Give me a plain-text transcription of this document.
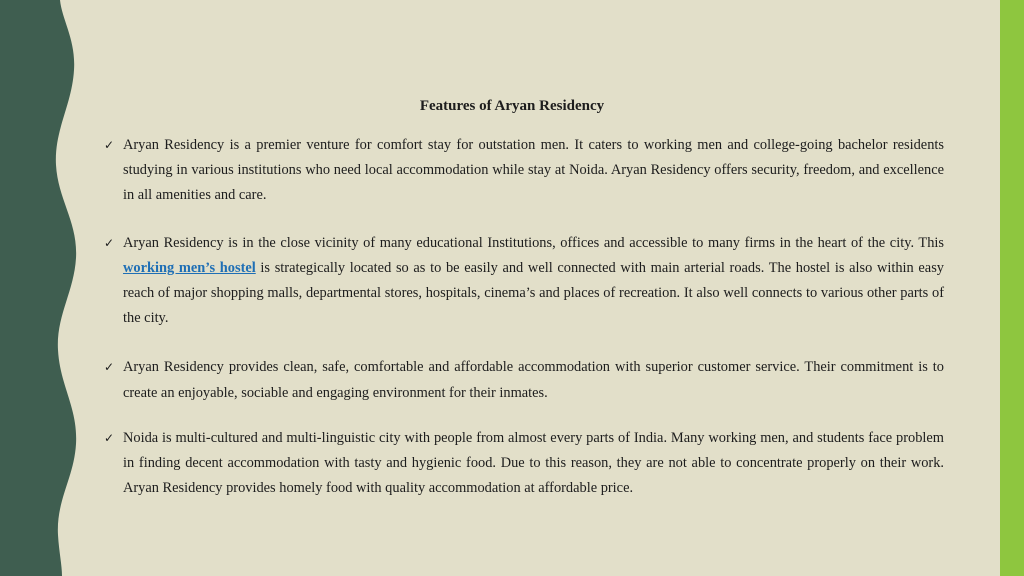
Features of Aryan Residency
✓ Aryan Residency is a premier venture for comfort stay for outstation men. It caters to working men and college-going bachelor residents studying in various institutions who need local accommodation while stay at Noida. Aryan Residency offers security, freedom, and excellence in all amenities and care.
✓ Aryan Residency is in the close vicinity of many educational Institutions, offices and accessible to many firms in the heart of the city. This working men’s hostel is strategically located so as to be easily and well connected with main arterial roads. The hostel is also within easy reach of major shopping malls, departmental stores, hospitals, cinema’s and places of recreation. It also well connects to various other parts of the city.
✓ Aryan Residency provides clean, safe, comfortable and affordable accommodation with superior customer service. Their commitment is to create an enjoyable, sociable and engaging environment for their inmates.
✓ Noida is multi-cultured and multi-linguistic city with people from almost every parts of India. Many working men, and students face problem in finding decent accommodation with tasty and hygienic food. Due to this reason, they are not able to concentrate properly on their work. Aryan Residency provides homely food with quality accommodation at affordable price.
